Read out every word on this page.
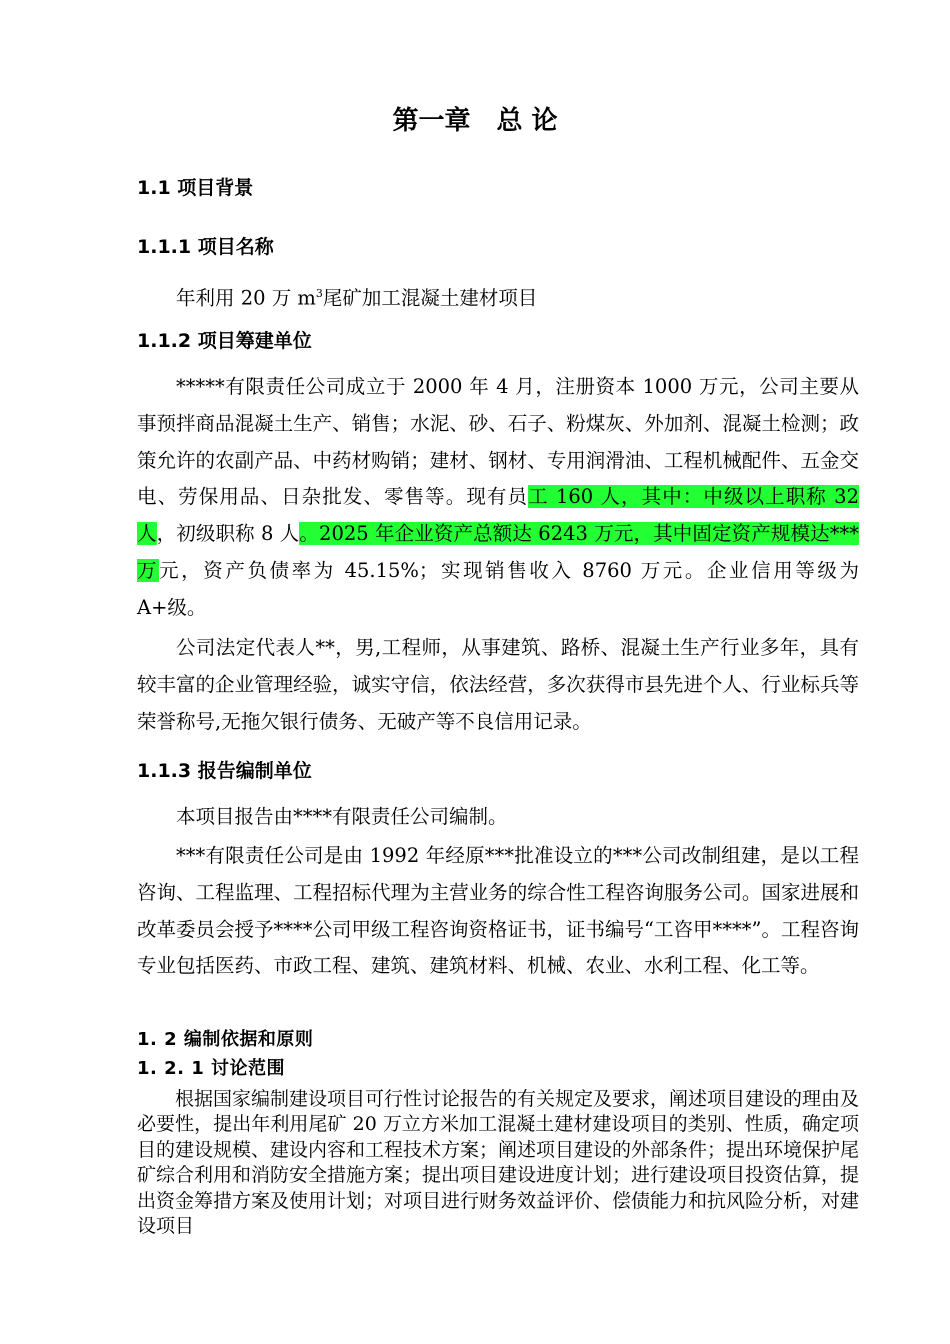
第一章　总 论
1.1 项目背景
1.1.1 项目名称
年利用 20 万 $m^3$尾矿加工混凝土建材项目
1.1.2 项目筹建单位
*****有限责任公司成立于 2000 年 4 月，注册资本 1000 万元，公司主要从事预拌商品混凝土生产、销售；水泥、砂、石子、粉煤灰、外加剂、混凝土检测；政策允许的农副产品、中药材购销；建材、钢材、专用润滑油、工程机械配件、五金交电、劳保用品、日杂批发、零售等。现有员工 160 人，其中：中级以上职称 32 人，初级职称 8 人。2025 年企业资产总额达 6243 万元，其中固定资产规模达***万元，资产负债率为 45.15%；实现销售收入 8760 万元。企业信用等级为 A+级。
公司法定代表人**，男,工程师，从事建筑、路桥、混凝土生产行业多年，具有较丰富的企业管理经验，诚实守信，依法经营，多次获得市县先进个人、行业标兵等荣誉称号,无拖欠银行债务、无破产等不良信用记录。
1.1.3 报告编制单位
本项目报告由****有限责任公司编制。
***有限责任公司是由 1992 年经原***批准设立的***公司改制组建，是以工程咨询、工程监理、工程招标代理为主营业务的综合性工程咨询服务公司。国家进展和改革委员会授予****公司甲级工程咨询资格证书，证书编号“工咨甲****”。工程咨询专业包括医药、市政工程、建筑、建筑材料、机械、农业、水利工程、化工等。
1. 2 编制依据和原则
1. 2. 1 讨论范围
根据国家编制建设项目可行性讨论报告的有关规定及要求，阐述项目建设的理由及必要性，提出年利用尾矿 20 万立方米加工混凝土建材建设项目的类别、性质，确定项目的建设规模、建设内容和工程技术方案；阐述项目建设的外部条件；提出环境保护尾矿综合利用和消防安全措施方案；提出项目建设进度计划；进行建设项目投资估算，提出资金筹措方案及使用计划；对项目进行财务效益评价、偿债能力和抗风险分析，对建设项目
